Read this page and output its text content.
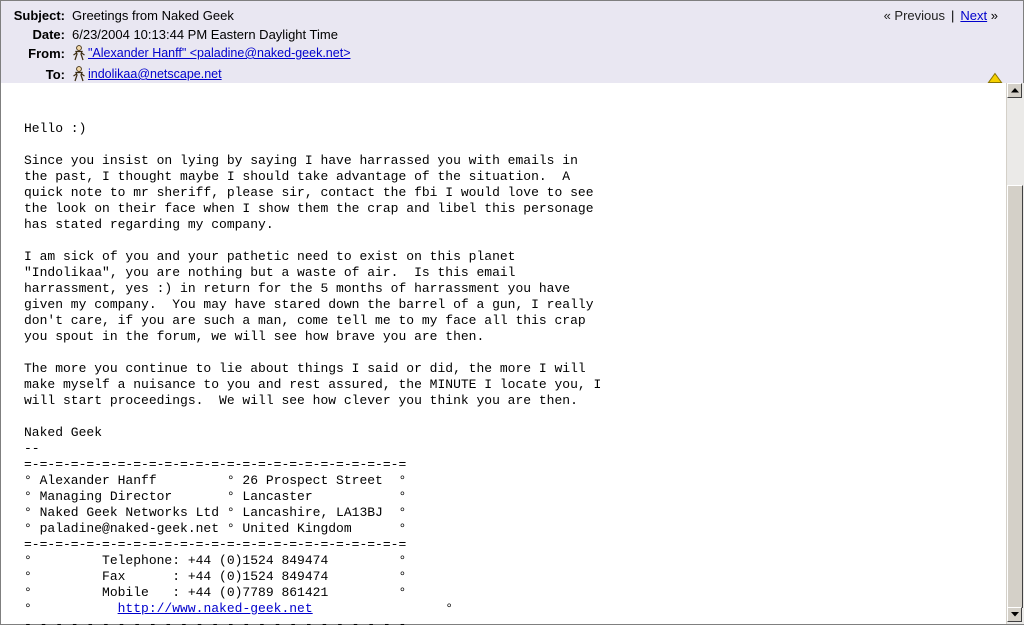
Subject: Greetings from Naked Geek
Date: 6/23/2004 10:13:44 PM Eastern Daylight Time
From: "Alexander Hanff" <paladine@naked-geek.net>
To: indolikaa@netscape.net
« Previous | Next »
Hello :)

Since you insist on lying by saying I have harrassed you with emails in
the past, I thought maybe I should take advantage of the situation.  A
quick note to mr sheriff, please sir, contact the fbi I would love to see
the look on their face when I show them the crap and libel this personage
has stated regarding my company.

I am sick of you and your pathetic need to exist on this planet
"Indolikaa", you are nothing but a waste of air.  Is this email
harrassment, yes :) in return for the 5 months of harrassment you have
given my company.  You may have stared down the barrel of a gun, I really
don't care, if you are such a man, come tell me to my face all this crap
you spout in the forum, we will see how brave you are then.

The more you continue to lie about things I said or did, the more I will
make myself a nuisance to you and rest assured, the MINUTE I locate you, I
will start proceedings.  We will see how clever you think you are then.

Naked Geek
--
=-=-=-=-=-=-=-=-=-=-=-=-=-=-=-=-=-=-=-=-=-=-=-=-=
° Alexander Hanff         ° 26 Prospect Street  °
° Managing Director       ° Lancaster           °
° Naked Geek Networks Ltd ° Lancashire, LA13BJ  °
° paladine@naked-geek.net ° United Kingdom      °
=-=-=-=-=-=-=-=-=-=-=-=-=-=-=-=-=-=-=-=-=-=-=-=-=
°         Telephone: +44 (0)1524 849474         °
°         Fax      : +44 (0)1524 849474         °
°         Mobile   : +44 (0)7789 861421         °
°           http://www.naked-geek.net                 °
- - - - - - - - - - - - - - - - - - - - - - - - -
